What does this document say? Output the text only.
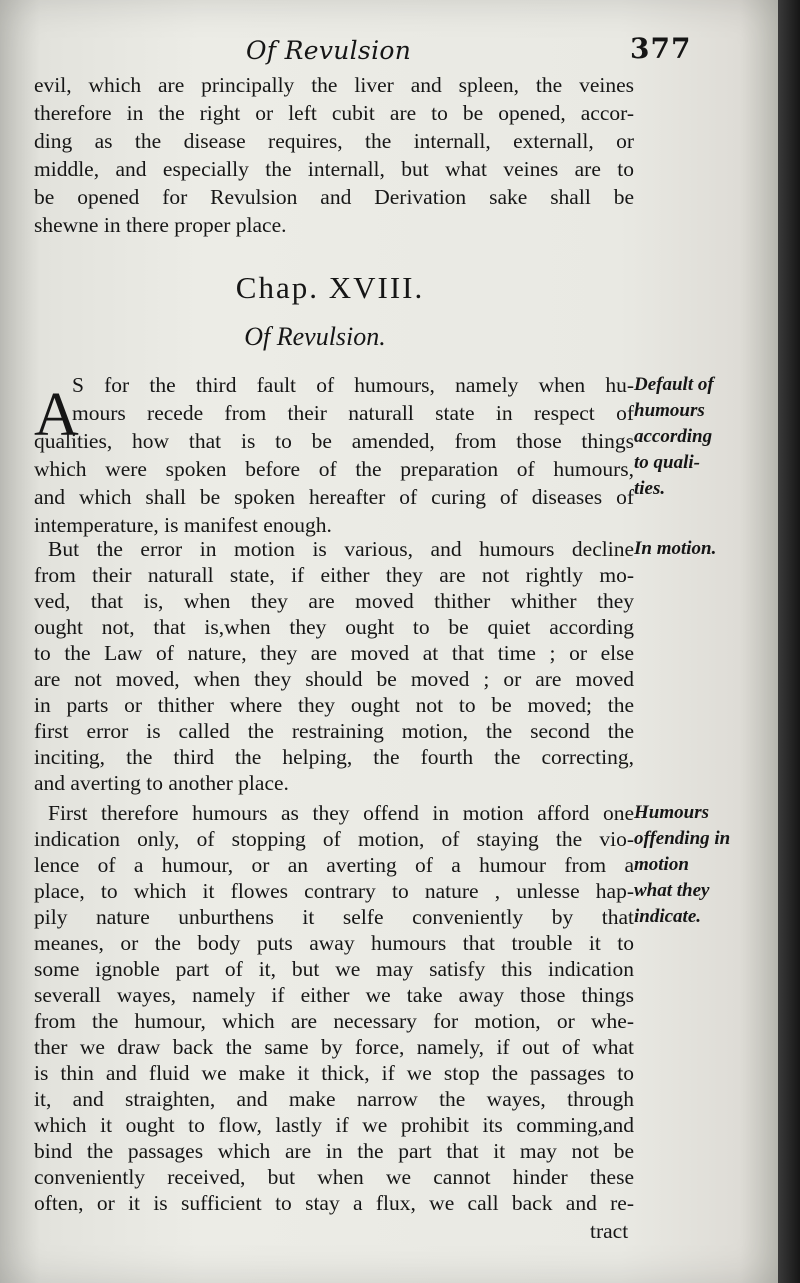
Of Revulsion	377
evil, which are principally the liver and spleen, the veines
therefore in the right or left cubit are to be opened, accor-
ding as the disease requires, the internall, externall, or
middle, and especially the internall, but what veines are to
be opened for Revulsion and Derivation sake shall be
shewne in there proper place.
Chap. XVIII.
Of Revulsion.
A
S for the third fault of humours, namely when hu-
mours recede from their naturall state in respect of
qualities, how that is to be amended, from those things
which were spoken before of the preparation of humours,
and which shall be spoken hereafter of curing of diseases of
intemperature, is manifest enough.
But the error in motion is various, and humours decline
from their naturall state, if either they are not rightly mo-
ved, that is, when they are moved thither whither they
ought not, that is,when they ought to be quiet according
to the Law of nature, they are moved at that time ; or else
are not moved, when they should be moved ; or are moved
in parts or thither where they ought not to be moved; the
first error is called the restraining motion, the second the
inciting, the third the helping, the fourth the correcting,
and averting to another place.
First therefore humours as they offend in motion afford one
indication only, of stopping of motion, of staying the vio-
lence of a humour, or an averting of a humour from a
place, to which it flowes contrary to nature , unlesse hap-
pily nature unburthens it selfe conveniently by that
meanes, or the body puts away humours that trouble it to
some ignoble part of it, but we may satisfy this indication
severall wayes, namely if either we take away those things
from the humour, which are necessary for motion, or whe-
ther we draw back the same by force, namely, if out of what
is thin and fluid we make it thick, if we stop the passages to
it, and straighten, and make narrow the wayes, through
which it ought to flow, lastly if we prohibit its comming,and
bind the passages which are in the part that it may not be
conveniently received, but when we cannot hinder these
often, or it is sufficient to stay a flux, we call back and re-
tract
Default of
humours
according
to quali-
ties.
In motion.
Humours
offending in
motion
what they
indicate.
